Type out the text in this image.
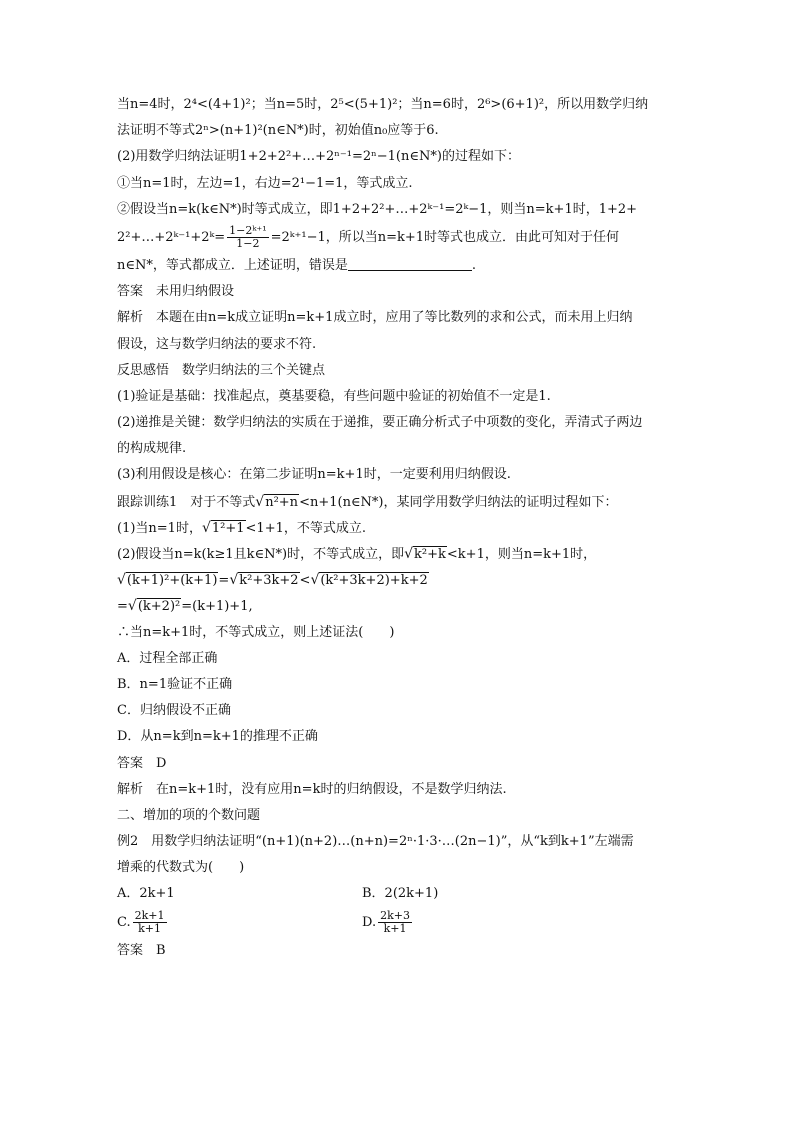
当n=4时，2⁴<(4+1)²；当n=5时，2⁵<(5+1)²；当n=6时，2⁶>(6+1)²，所以用数学归纳
法证明不等式2ⁿ>(n+1)²(n∈N*)时，初始值n₀应等于6.
(2)用数学归纳法证明1+2+2²+…+2ⁿ⁻¹=2ⁿ−1(n∈N*)的过程如下：
①当n=1时，左边=1，右边=2¹−1=1，等式成立.
②假设当n=k(k∈N*)时等式成立，即1+2+2²+…+2ᵏ⁻¹=2ᵏ−1，则当n=k+1时，1+2+
2²+…+2ᵏ⁻¹+2ᵏ= $\frac{\text{1−2ᵏ⁺¹}}{1-2}$ =2ᵏ⁺¹−1，所以当n=k+1时等式也成立．由此可知对于任何
n∈N*，等式都成立．上述证明，错误是	.
答案　未用归纳假设
解析　本题在由n=k成立证明n=k+1成立时，应用了等比数列的求和公式，而未用上归纳
假设，这与数学归纳法的要求不符.
反思感悟　数学归纳法的三个关键点
(1)验证是基础：找准起点，奠基要稳，有些问题中验证的初始值不一定是1.
(2)递推是关键：数学归纳法的实质在于递推，要正确分析式子中项数的变化，弄清式子两边
的构成规律.
(3)利用假设是核心：在第二步证明n=k+1时，一定要利用归纳假设.
跟踪训练1　对于不等式√n²+n<n+1(n∈N*)，某同学用数学归纳法的证明过程如下：
(1)当n=1时，√1²+1<1+1，不等式成立.
(2)假设当n=k(k≥1且k∈N*)时，不等式成立，即√k²+k<k+1，则当n=k+1时，
√(k+1)²+(k+1)=√k²+3k+2<√(k²+3k+2)+k+2
=√(k+2)²=(k+1)+1,
∴当n=k+1时，不等式成立，则上述证法(　　)
A．过程全部正确
B．n=1验证不正确
C．归纳假设不正确
D．从n=k到n=k+1的推理不正确
答案　D
解析　在n=k+1时，没有应用n=k时的归纳假设，不是数学归纳法.
二、增加的项的个数问题
例2　用数学归纳法证明“(n+1)(n+2)…(n+n)=2ⁿ·1·3·…(2n−1)”，从“k到k+1”左端需
增乘的代数式为(　　)
A．2k+1	B．2(2k+1)
C. $\frac{2k+1}{k+1}$	D. $\frac{2k+3}{k+1}$
答案　B
